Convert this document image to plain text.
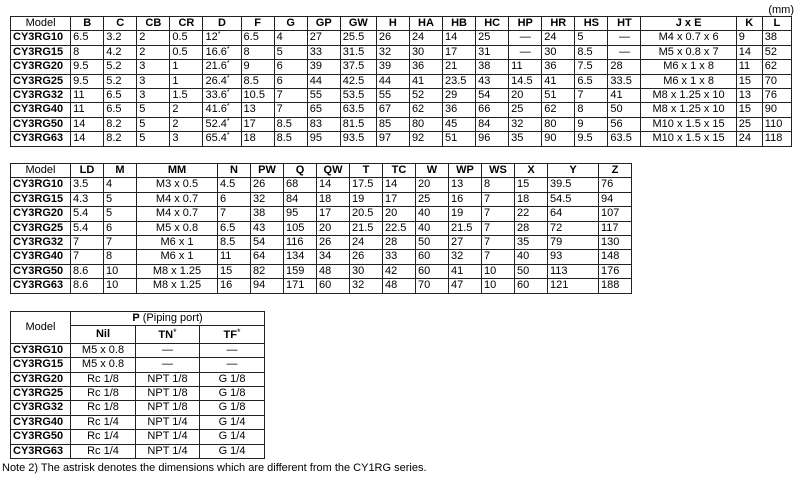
(mm)
Model	B	C	CB	CR	D	F	G	GP	GW	H	HA	HB	HC	HP	HR	HS	HT	J x E	K	L
CY3RG10	6.5	3.2	2	0.5	12*	6.5	4	27	25.5	26	24	14	25	—	24	5	—	M4 x 0.7 x 6	9	38
CY3RG15	8	4.2	2	0.5	16.6*	8	5	33	31.5	32	30	17	31	—	30	8.5	—	M5 x 0.8 x 7	14	52
CY3RG20	9.5	5.2	3	1	21.6*	9	6	39	37.5	39	36	21	38	11	36	7.5	28	M6 x 1 x 8	11	62
CY3RG25	9.5	5.2	3	1	26.4*	8.5	6	44	42.5	44	41	23.5	43	14.5	41	6.5	33.5	M6 x 1 x 8	15	70
CY3RG32	11	6.5	3	1.5	33.6*	10.5	7	55	53.5	55	52	29	54	20	51	7	41	M8 x 1.25 x 10	13	76
CY3RG40	11	6.5	5	2	41.6*	13	7	65	63.5	67	62	36	66	25	62	8	50	M8 x 1.25 x 10	15	90
CY3RG50	14	8.2	5	2	52.4*	17	8.5	83	81.5	85	80	45	84	32	80	9	56	M10 x 1.5 x 15	25	110
CY3RG63	14	8.2	5	3	65.4*	18	8.5	95	93.5	97	92	51	96	35	90	9.5	63.5	M10 x 1.5 x 15	24	118
Model	LD	M	MM	N	PW	Q	QW	T	TC	W	WP	WS	X	Y	Z
CY3RG10	3.5	4	M3 x 0.5	4.5	26	68	14	17.5	14	20	13	8	15	39.5	76
CY3RG15	4.3	5	M4 x 0.7	6	32	84	18	19	17	25	16	7	18	54.5	94
CY3RG20	5.4	5	M4 x 0.7	7	38	95	17	20.5	20	40	19	7	22	64	107
CY3RG25	5.4	6	M5 x 0.8	6.5	43	105	20	21.5	22.5	40	21.5	7	28	72	117
CY3RG32	7	7	M6 x 1	8.5	54	116	26	24	28	50	27	7	35	79	130
CY3RG40	7	8	M6 x 1	11	64	134	34	26	33	60	32	7	40	93	148
CY3RG50	8.6	10	M8 x 1.25	15	82	159	48	30	42	60	41	10	50	113	176
CY3RG63	8.6	10	M8 x 1.25	16	94	171	60	32	48	70	47	10	60	121	188
Model	P (Piping port)		
	Nil	TN*	TF*
CY3RG10	M5 x 0.8	—	—
CY3RG15	M5 x 0.8	—	—
CY3RG20	Rc 1/8	NPT 1/8	G 1/8
CY3RG25	Rc 1/8	NPT 1/8	G 1/8
CY3RG32	Rc 1/8	NPT 1/8	G 1/8
CY3RG40	Rc 1/4	NPT 1/4	G 1/4
CY3RG50	Rc 1/4	NPT 1/4	G 1/4
CY3RG63	Rc 1/4	NPT 1/4	G 1/4
Note 2) The astrisk denotes the dimensions which are different from the CY1RG series.
